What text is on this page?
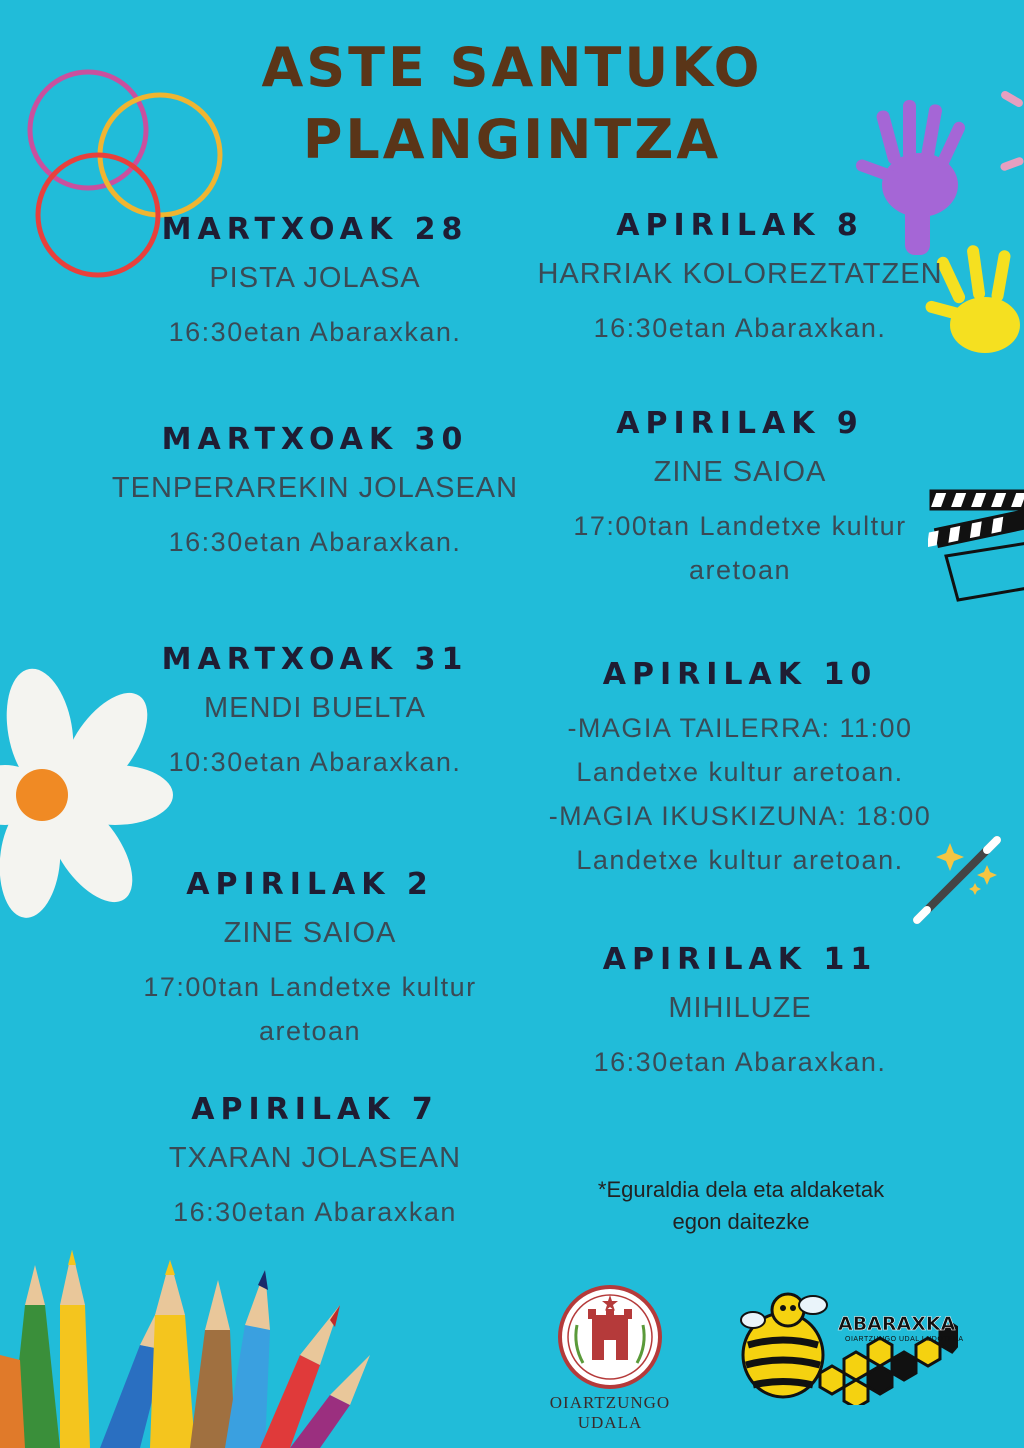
ASTE SANTUKO
PLANGINTZA
MARTXOAK 28
PISTA JOLASA
16:30etan Abaraxkan.
MARTXOAK 30
TENPERAREKIN JOLASEAN
16:30etan Abaraxkan.
MARTXOAK 31
MENDI BUELTA
10:30etan Abaraxkan.
APIRILAK 2
ZINE SAIOA
17:00tan Landetxe kultur aretoan
APIRILAK 7
TXARAN JOLASEAN
16:30etan Abaraxkan
APIRILAK 8
HARRIAK KOLOREZTATZEN
16:30etan Abaraxkan.
APIRILAK 9
ZINE SAIOA
17:00tan Landetxe kultur aretoan
APIRILAK 10
-MAGIA TAILERRA: 11:00
Landetxe kultur aretoan.
-MAGIA IKUSKIZUNA: 18:00
Landetxe kultur aretoan.
APIRILAK 11
MIHILUZE
16:30etan Abaraxkan.
*Eguraldia dela eta aldaketak egon daitezke
OIARTZUNGO
UDALA
ABARAXKA
OIARTZUNGO UDAL LUDOTEKA
